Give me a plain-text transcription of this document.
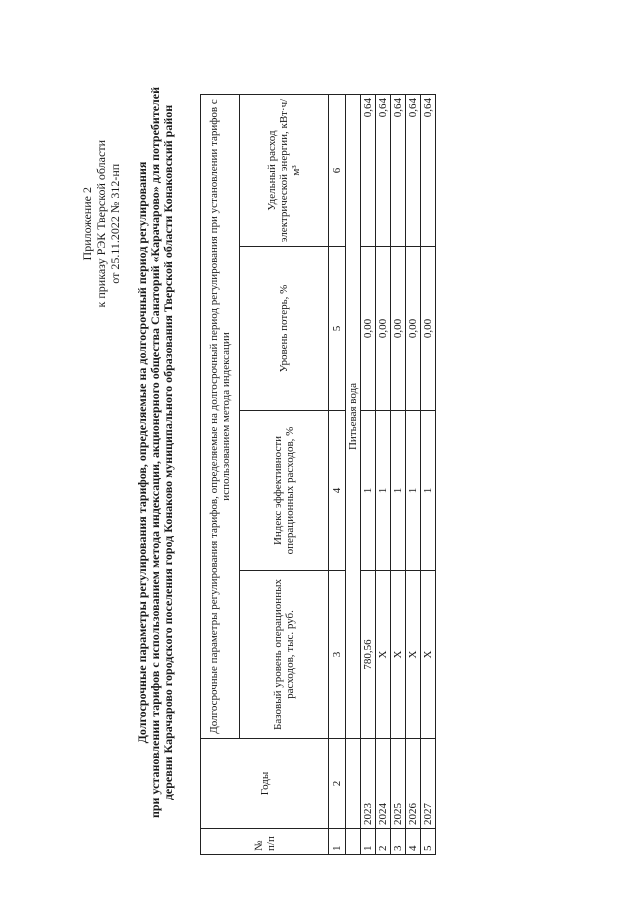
Приложение 2 к приказу РЭК Тверской области от 25.11.2022 № 312-нп Долгосрочные параметры регулирования тарифов, определяемые на долгосрочный период регулирования при установлении тарифов с использованием метода индексации, акционерного общества Санаторий «Карачарово» для потребителей деревни Карачарово городского поселения город Конаково муниципального образования Тверской области Конаковский район
№ п/п	Годы	Долгосрочные параметры регулирования тарифов, определяемые на долгосрочный период регулирования при установлении тарифов с использованием метода индексации			
		Базовый уровень операционных расходов, тыс. руб.	Индекс эффективности операционных расходов, %	Уровень потерь, %	Удельный расход электрической энергии, кВт·ч/м³
1	2	3	4	5	6
		Питьевая вода			
1	2023	780,56	1	0,00	0,64
2	2024	Х	1	0,00	0,64
3	2025	Х	1	0,00	0,64
4	2026	Х	1	0,00	0,64
5	2027	Х	1	0,00	0,64
